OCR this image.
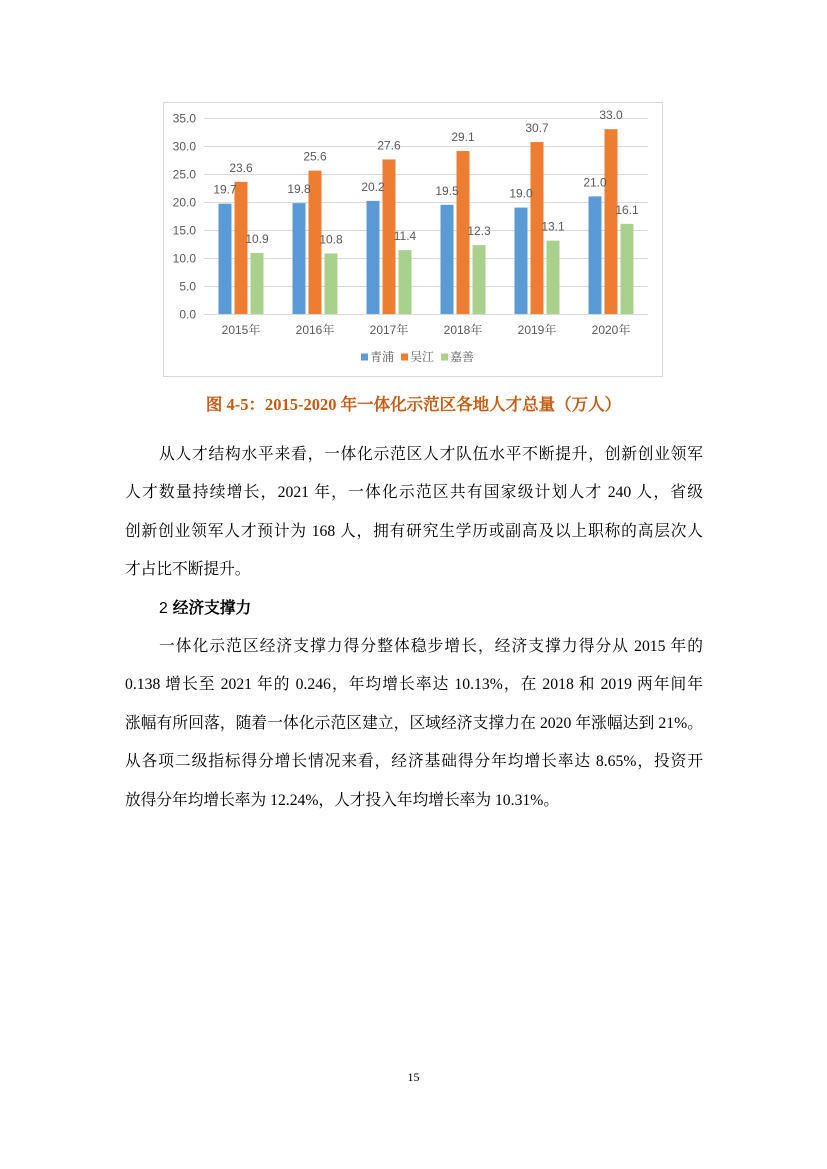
0.0
5.0
10.0
15.0
20.0
25.0
30.0
35.0
2015年	2016年	2017年	2018年	2019年	2020年
19.7
23.6
10.9
19.8
25.6
10.8
20.2
27.6
11.4
19.5
29.1
12.3
19.0
30.7
13.1
21.0
33.0
16.1
青浦 吴江 嘉善
图 4-5：2015-2020 年一体化示范区各地人才总量（万人）
从人才结构水平来看，一体化示范区人才队伍水平不断提升，创新创业领军
人才数量持续增长，2021 年，一体化示范区共有国家级计划人才 240 人，省级
创新创业领军人才预计为 168 人，拥有研究生学历或副高及以上职称的高层次人
才占比不断提升。
2 经济支撑力
一体化示范区经济支撑力得分整体稳步增长，经济支撑力得分从 2015 年的
0.138 增长至 2021 年的 0.246，年均增长率达 10.13%，在 2018 和 2019 两年间年
涨幅有所回落，随着一体化示范区建立，区域经济支撑力在 2020 年涨幅达到 21%。
从各项二级指标得分增长情况来看，经济基础得分年均增长率达 8.65%，投资开
放得分年均增长率为 12.24%，人才投入年均增长率为 10.31%。
15
